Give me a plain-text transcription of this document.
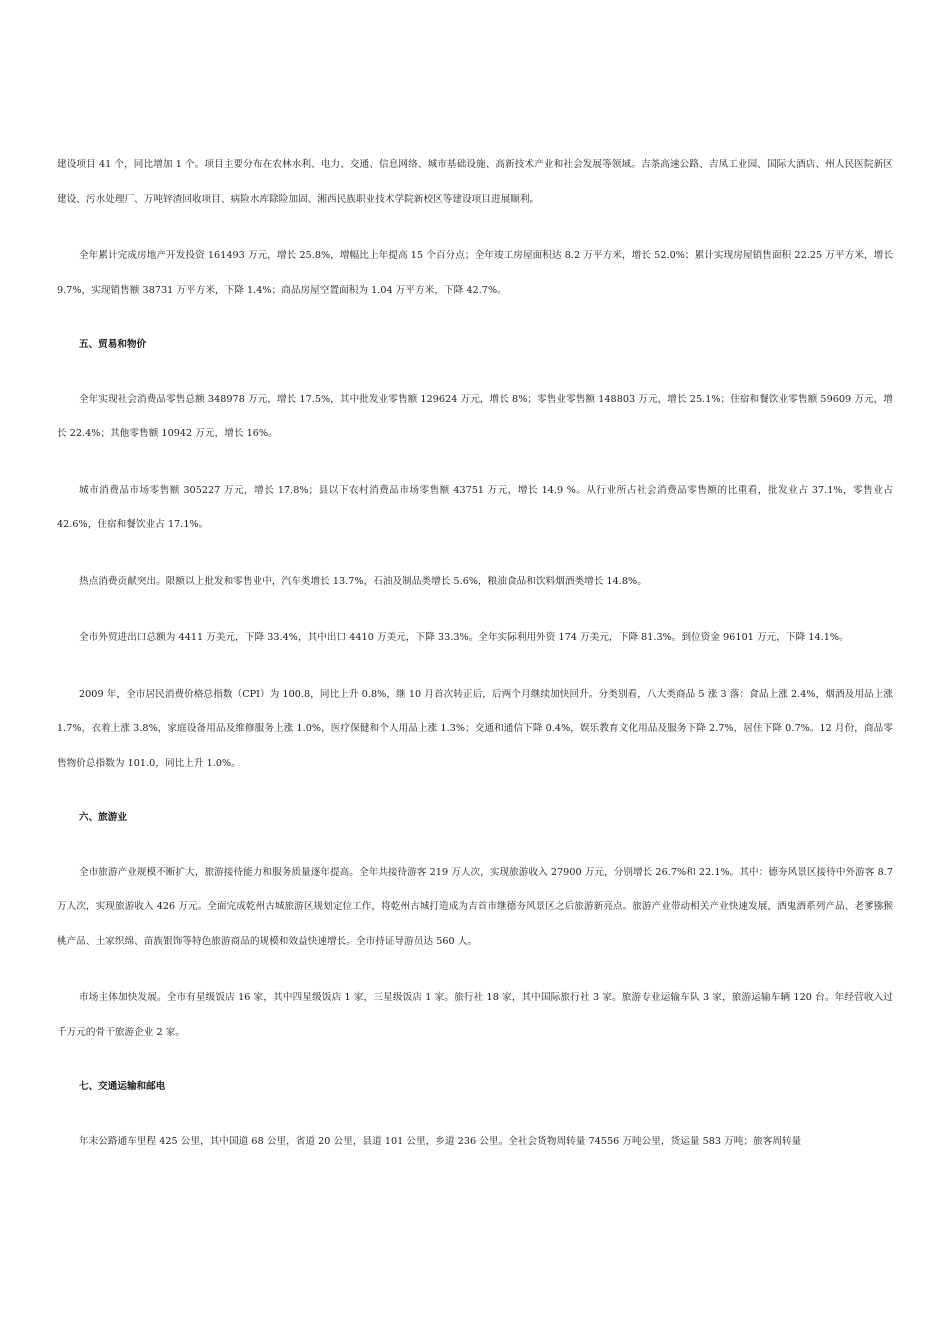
建设项目 41 个，同比增加 1 个。项目主要分布在农林水利、电力、交通、信息网络、城市基础设施、高新技术产业和社会发展等领域。吉茶高速公路、吉凤工业园、国际大酒店、州人民医院新区建设、污水处理厂、万吨锌渣回收项目、病险水库除险加固、湘西民族职业技术学院新校区等建设项目进展顺利。

全年累计完成房地产开发投资 161493 万元，增长 25.8%，增幅比上年提高 15 个百分点；全年竣工房屋面积达 8.2 万平方米，增长 52.0%；累计实现房屋销售面积 22.25 万平方米，增长 9.7%，实现销售额 38731 万平方米，下降 1.4%；商品房屋空置面积为 1.04 万平方米，下降 42.7%。

五、贸易和物价

全年实现社会消费品零售总额 348978 万元，增长 17.5%，其中批发业零售额 129624 万元，增长 8%；零售业零售额 148803 万元，增长 25.1%；住宿和餐饮业零售额 59609 万元，增长 22.4%；其他零售额 10942 万元，增长 16%。

城市消费品市场零售额 305227 万元，增长 17.8%；县以下农村消费品市场零售额 43751 万元，增长 14.9 %。从行业所占社会消费品零售额的比重看，批发业占 37.1%，零售业占 42.6%，住宿和餐饮业占 17.1%。

热点消费贡献突出。限额以上批发和零售业中，汽车类增长 13.7%，石油及制品类增长 5.6%，粮油食品和饮料烟酒类增长 14.8%。

全市外贸进出口总额为 4411 万美元，下降 33.4%，其中出口 4410 万美元，下降 33.3%。全年实际利用外资 174 万美元，下降 81.3%。到位资金 96101 万元，下降 14.1%。

2009 年，全市居民消费价格总指数（CPI）为 100.8，同比上升 0.8%，继 10 月首次转正后，后两个月继续加快回升。分类别看，八大类商品 5 涨 3 落：食品上涨 2.4%，烟酒及用品上涨 1.7%，衣着上涨 3.8%，家庭设备用品及维修服务上涨 1.0%，医疗保健和个人用品上涨 1.3%；交通和通信下降 0.4%，娱乐教育文化用品及服务下降 2.7%，居住下降 0.7%。12 月份，商品零售物价总指数为 101.0，同比上升 1.0%。

六、旅游业

全市旅游产业规模不断扩大，旅游接待能力和服务质量逐年提高。全年共接待游客 219 万人次，实现旅游收入 27900 万元，分别增长 26.7%和 22.1%。其中：德夯风景区接待中外游客 8.7 万人次，实现旅游收入 426 万元。全面完成乾州古城旅游区规划定位工作，将乾州古城打造成为吉首市继德夯风景区之后旅游新亮点。旅游产业带动相关产业快速发展，酒鬼酒系列产品、老爹猕猴桃产品、土家织绵、苗族银饰等特色旅游商品的规模和效益快速增长。全市持证导游员达 560 人。

市场主体加快发展。全市有星级饭店 16 家，其中四星级饭店 1 家，三星级饭店 1 家。旅行社 18 家，其中国际旅行社 3 家。旅游专业运输车队 3 家，旅游运输车辆 120 台。年经营收入过千万元的骨干旅游企业 2 家。

七、交通运输和邮电

年末公路通车里程 425 公里，其中国道 68 公里，省道 20 公里，县道 101 公里，乡道 236 公里。全社会货物周转量 74556 万吨公里，货运量 583 万吨；旅客周转量
